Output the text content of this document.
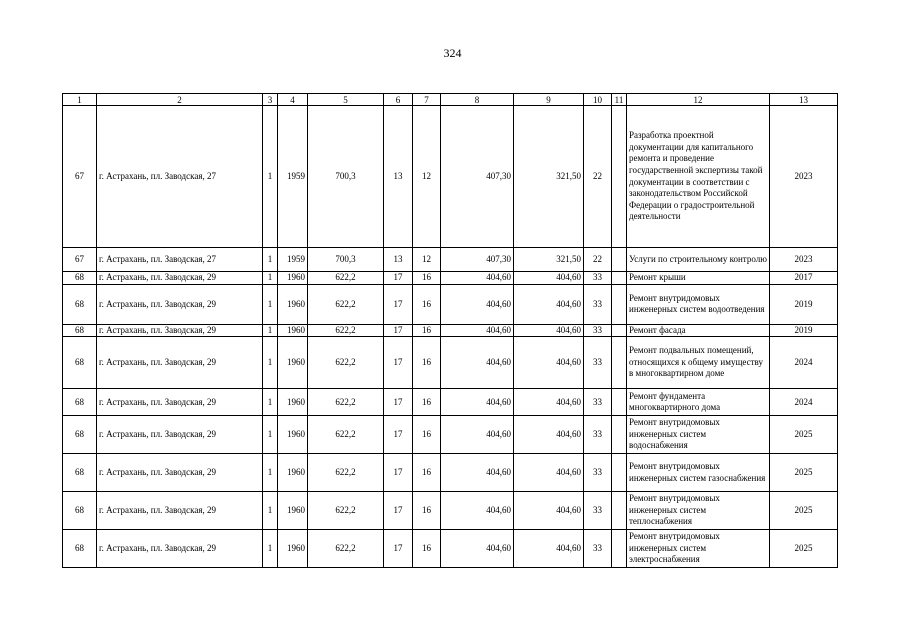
324
1	2	3	4	5	6	7	8	9	10	11	12	13
67	г. Астрахань, пл. Заводская, 27	1	1959	700,3	13	12	407,30	321,50	22		Разработка проектной документации для капитального ремонта и проведение государственной экспертизы такой документации в соответствии с законодательством Российской Федерации о градостроительной деятельности	2023
67	г. Астрахань, пл. Заводская, 27	1	1959	700,3	13	12	407,30	321,50	22		Услуги по строительному контролю	2023
68	г. Астрахань, пл. Заводская, 29	1	1960	622,2	17	16	404,60	404,60	33		Ремонт крыши	2017
68	г. Астрахань, пл. Заводская, 29	1	1960	622,2	17	16	404,60	404,60	33		Ремонт внутридомовых инженерных систем водоотведения	2019
68	г. Астрахань, пл. Заводская, 29	1	1960	622,2	17	16	404,60	404,60	33		Ремонт фасада	2019
68	г. Астрахань, пл. Заводская, 29	1	1960	622,2	17	16	404,60	404,60	33		Ремонт подвальных помещений, относящихся к общему имуществу в многоквартирном доме	2024
68	г. Астрахань, пл. Заводская, 29	1	1960	622,2	17	16	404,60	404,60	33		Ремонт фундамента многоквартирного дома	2024
68	г. Астрахань, пл. Заводская, 29	1	1960	622,2	17	16	404,60	404,60	33		Ремонт внутридомовых инженерных систем водоснабжения	2025
68	г. Астрахань, пл. Заводская, 29	1	1960	622,2	17	16	404,60	404,60	33		Ремонт внутридомовых инженерных систем газоснабжения	2025
68	г. Астрахань, пл. Заводская, 29	1	1960	622,2	17	16	404,60	404,60	33		Ремонт внутридомовых инженерных систем теплоснабжения	2025
68	г. Астрахань, пл. Заводская, 29	1	1960	622,2	17	16	404,60	404,60	33		Ремонт внутридомовых инженерных систем электроснабжения	2025
